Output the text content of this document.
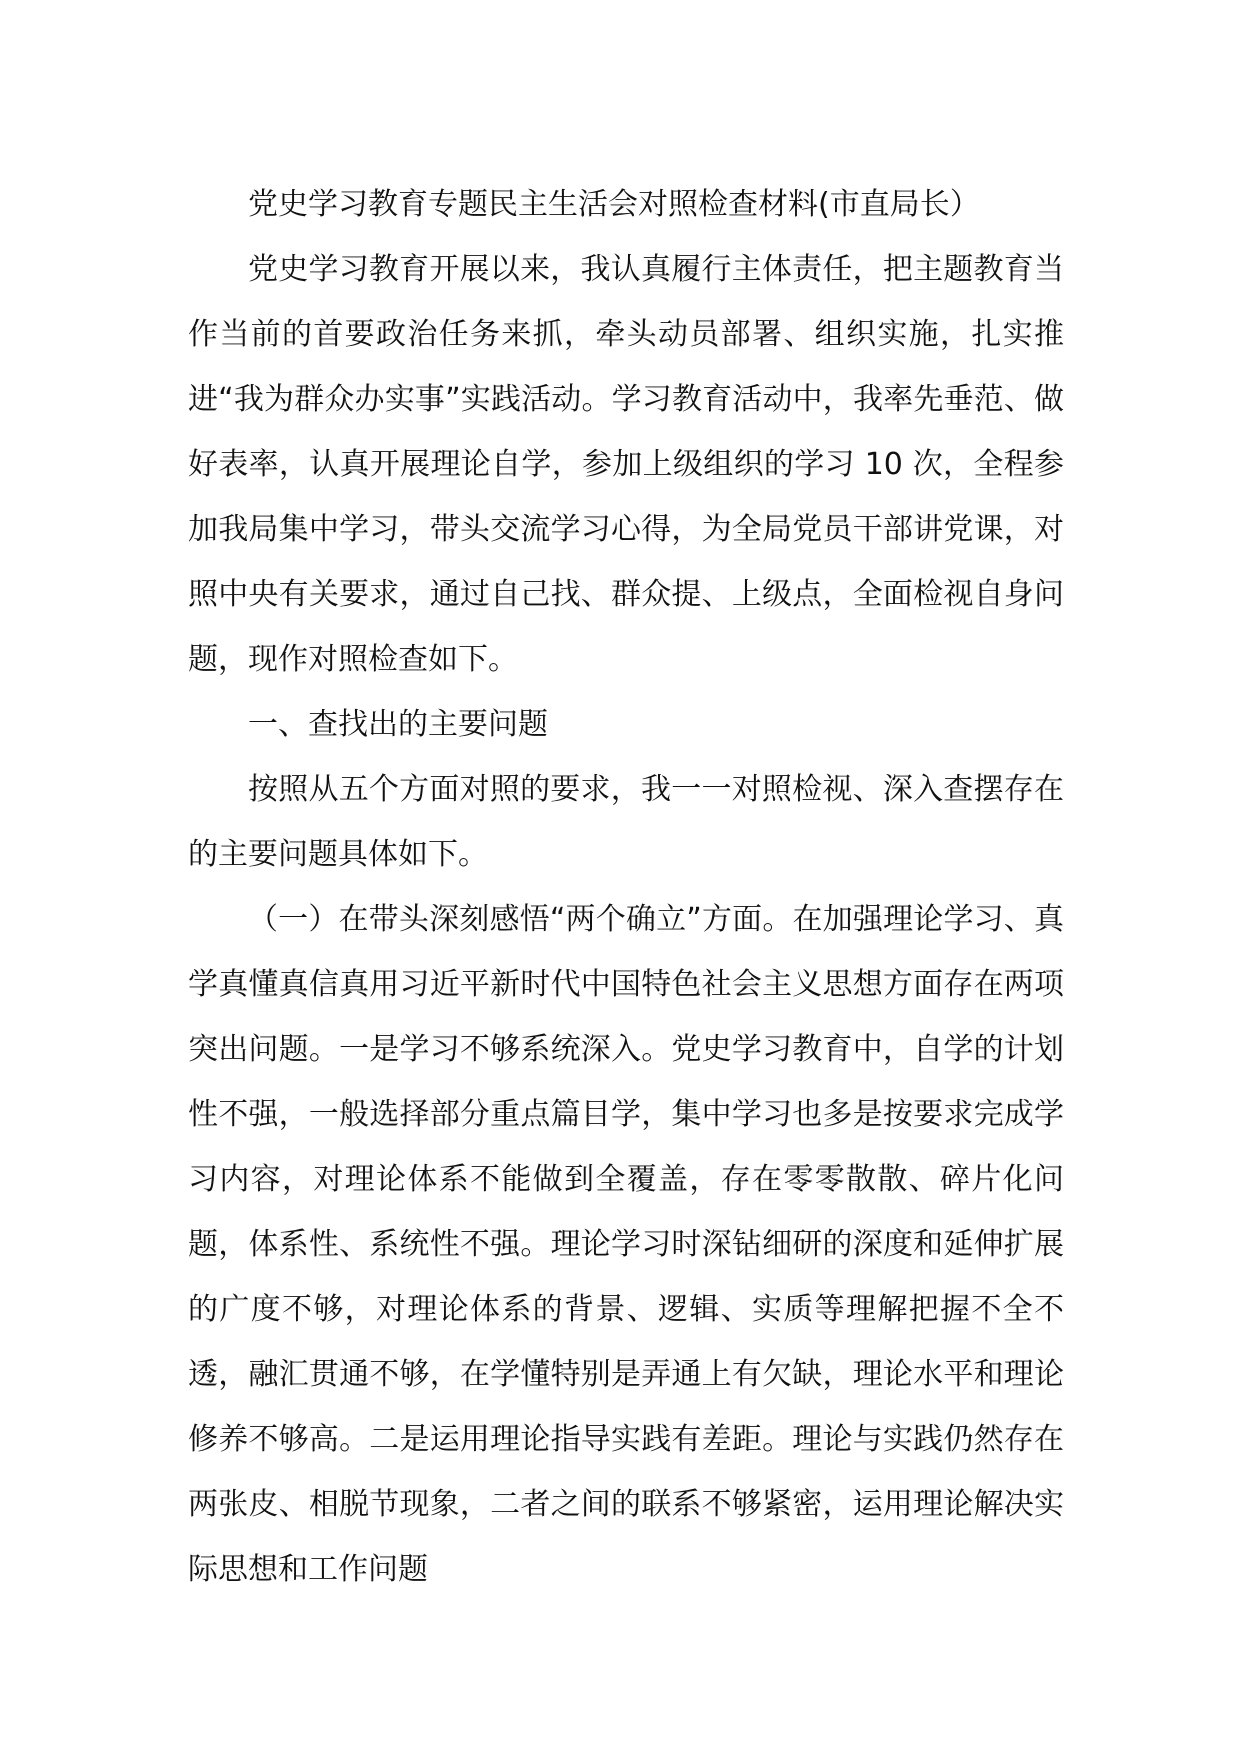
党史学习教育专题民主生活会对照检查材料(市直局长）

党史学习教育开展以来，我认真履行主体责任，把主题教育当作当前的首要政治任务来抓，牵头动员部署、组织实施，扎实推进“我为群众办实事”实践活动。学习教育活动中，我率先垂范、做好表率，认真开展理论自学，参加上级组织的学习 10 次，全程参加我局集中学习，带头交流学习心得，为全局党员干部讲党课，对照中央有关要求，通过自己找、群众提、上级点，全面检视自身问题，现作对照检查如下。

一、查找出的主要问题

按照从五个方面对照的要求，我一一对照检视、深入查摆存在的主要问题具体如下。

（一）在带头深刻感悟“两个确立”方面。在加强理论学习、真学真懂真信真用习近平新时代中国特色社会主义思想方面存在两项突出问题。一是学习不够系统深入。党史学习教育中，自学的计划性不强，一般选择部分重点篇目学，集中学习也多是按要求完成学习内容，对理论体系不能做到全覆盖，存在零零散散、碎片化问题，体系性、系统性不强。理论学习时深钻细研的深度和延伸扩展的广度不够，对理论体系的背景、逻辑、实质等理解把握不全不透，融汇贯通不够，在学懂特别是弄通上有欠缺，理论水平和理论修养不够高。二是运用理论指导实践有差距。理论与实践仍然存在两张皮、相脱节现象，二者之间的联系不够紧密，运用理论解决实际思想和工作问题
